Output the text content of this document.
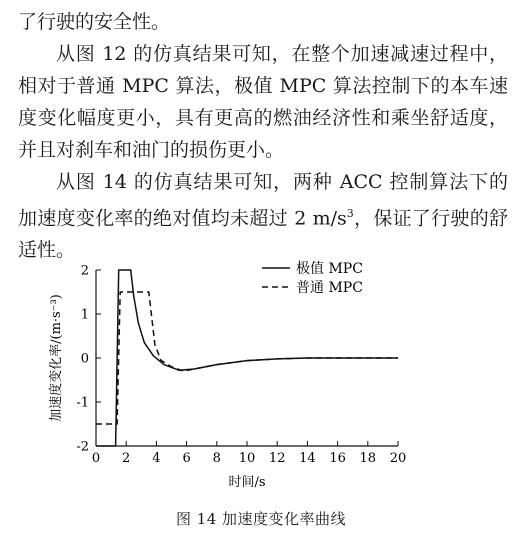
了行驶的安全性。

从图 12 的仿真结果可知，在整个加速减速过程中，相对于普通 MPC 算法，极值 MPC 算法控制下的本车速度变化幅度更小，具有更高的燃油经济性和乘坐舒适度，并且对刹车和油门的损伤更小。

从图 14 的仿真结果可知，两种 ACC 控制算法下的加速度变化率的绝对值均未超过 2 $m/s^3$，保证了行驶的舒适性。

-2
-1
0
1
2
0 2 4 6 8 10 12 14 16 18 20
极值 MPC
普通 MPC
加速度变化率/(m·s⁻³)
时间/s
图 14 加速度变化率曲线
